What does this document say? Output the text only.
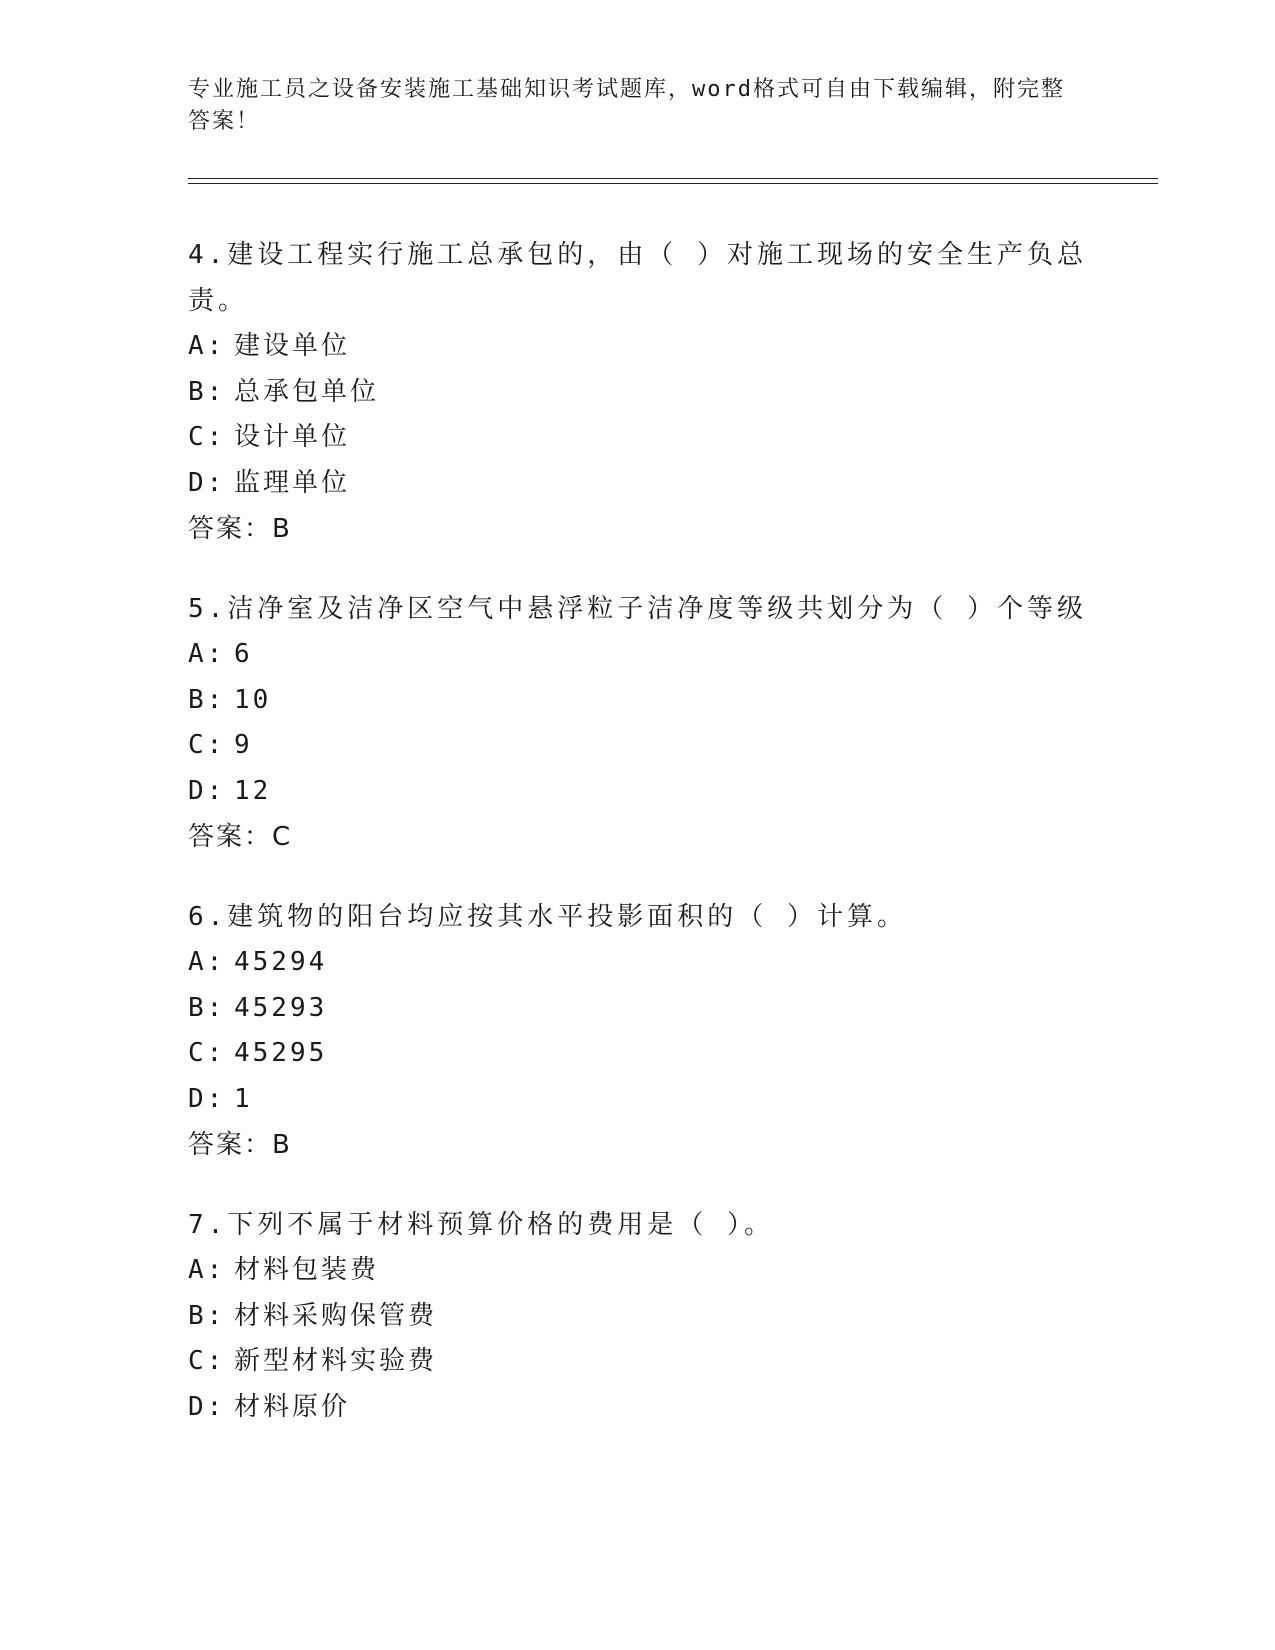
专业施工员之设备安装施工基础知识考试题库，word格式可自由下载编辑，附完整答案！
4.建设工程实行施工总承包的，由（ ）对施工现场的安全生产负总责。
A: 建设单位
B: 总承包单位
C: 设计单位
D: 监理单位
答案：B
5.洁净室及洁净区空气中悬浮粒子洁净度等级共划分为（ ）个等级
A: 6
B: 10
C: 9
D: 12
答案：C
6.建筑物的阳台均应按其水平投影面积的（ ）计算。
A: 45294
B: 45293
C: 45295
D: 1
答案：B
7.下列不属于材料预算价格的费用是（ ）。
A: 材料包装费
B: 材料采购保管费
C: 新型材料实验费
D: 材料原价
